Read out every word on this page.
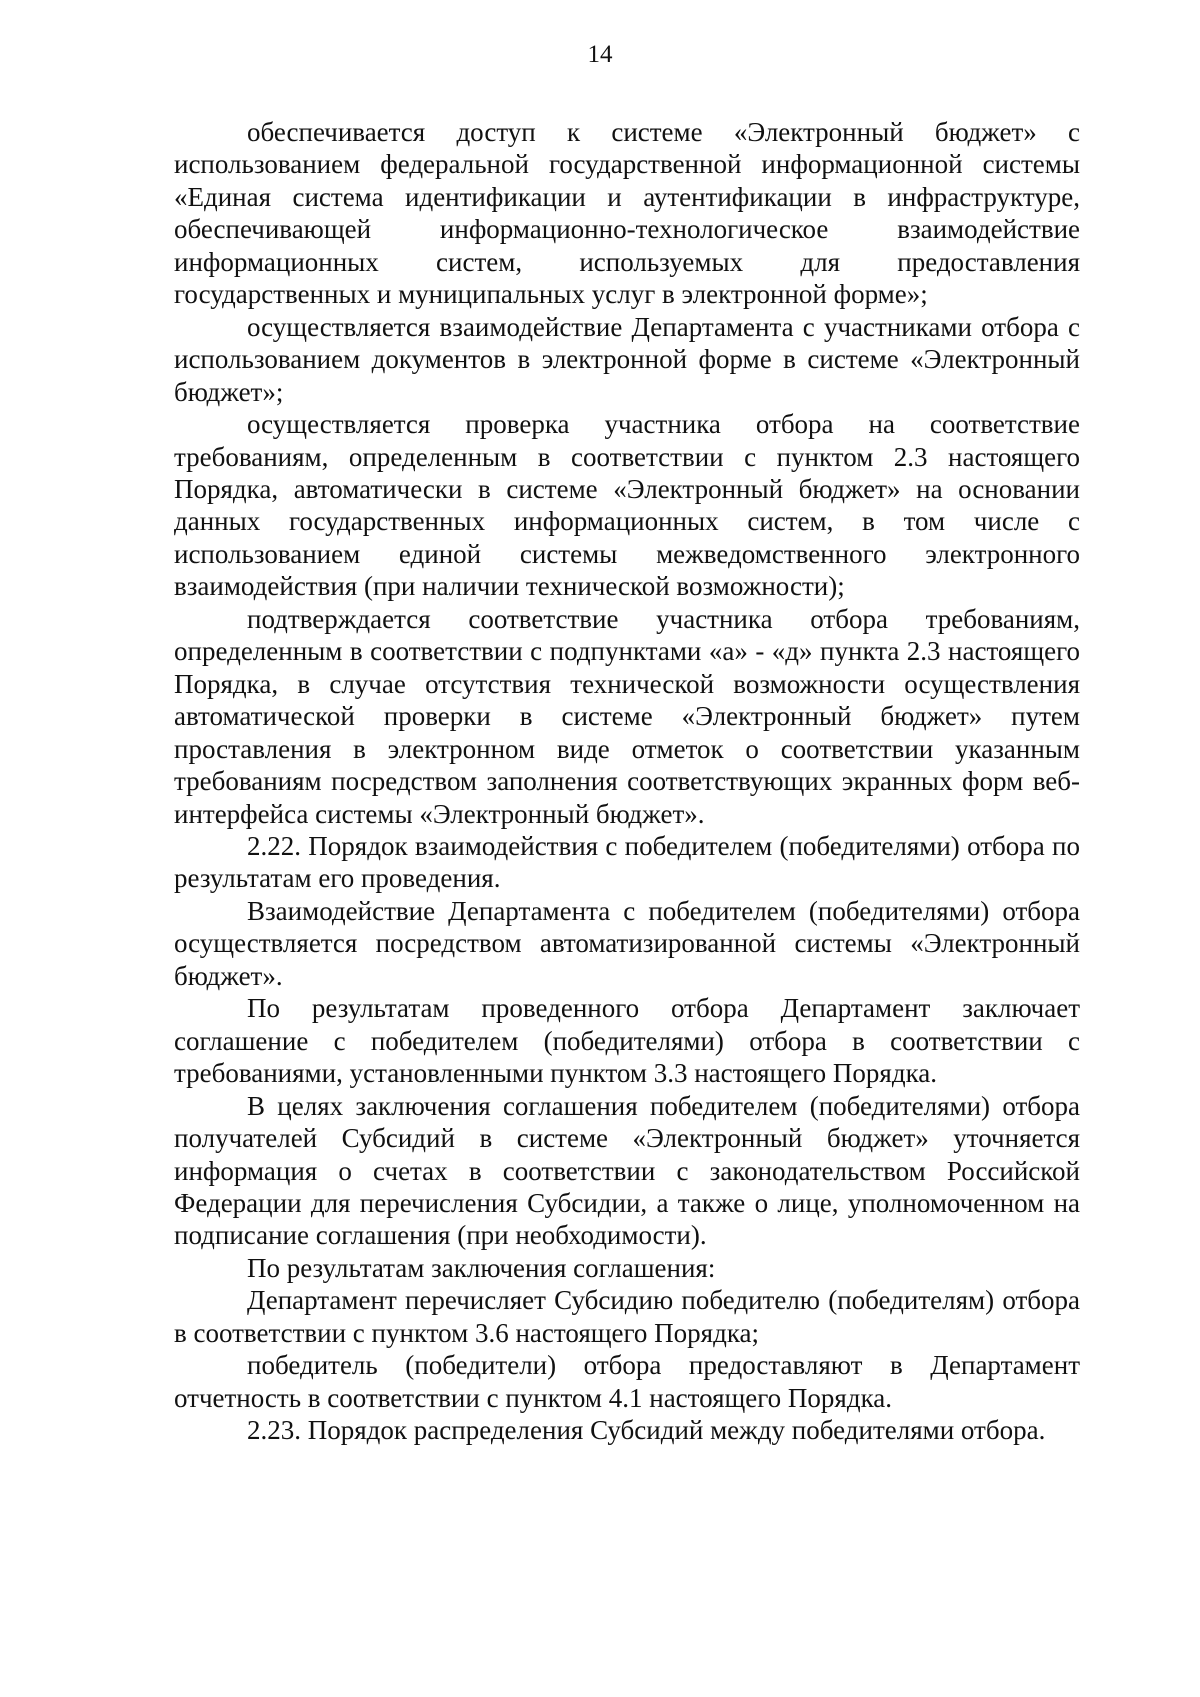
14

обеспечивается доступ к системе «Электронный бюджет» с использованием федеральной государственной информационной системы «Единая система идентификации и аутентификации в инфраструктуре, обеспечивающей информационно-технологическое взаимодействие информационных систем, используемых для предоставления государственных и муниципальных услуг в электронной форме»;

осуществляется взаимодействие Департамента с участниками отбора с использованием документов в электронной форме в системе «Электронный бюджет»;

осуществляется проверка участника отбора на соответствие требованиям, определенным в соответствии с пунктом 2.3 настоящего Порядка, автоматически в системе «Электронный бюджет» на основании данных государственных информационных систем, в том числе с использованием единой системы межведомственного электронного взаимодействия (при наличии технической возможности);

подтверждается соответствие участника отбора требованиям, определенным в соответствии с подпунктами «а» - «д» пункта 2.3 настоящего Порядка, в случае отсутствия технической возможности осуществления автоматической проверки в системе «Электронный бюджет» путем проставления в электронном виде отметок о соответствии указанным требованиям посредством заполнения соответствующих экранных форм веб-интерфейса системы «Электронный бюджет».

2.22. Порядок взаимодействия с победителем (победителями) отбора по результатам его проведения.

Взаимодействие Департамента с победителем (победителями) отбора осуществляется посредством автоматизированной системы «Электронный бюджет».

По результатам проведенного отбора Департамент заключает соглашение с победителем (победителями) отбора в соответствии с требованиями, установленными пунктом 3.3 настоящего Порядка.

В целях заключения соглашения победителем (победителями) отбора получателей Субсидий в системе «Электронный бюджет» уточняется информация о счетах в соответствии с законодательством Российской Федерации для перечисления Субсидии, а также о лице, уполномоченном на подписание соглашения (при необходимости).

По результатам заключения соглашения:

Департамент перечисляет Субсидию победителю (победителям) отбора в соответствии с пунктом 3.6 настоящего Порядка;

победитель (победители) отбора предоставляют в Департамент отчетность в соответствии с пунктом 4.1 настоящего Порядка.

2.23. Порядок распределения Субсидий между победителями отбора.
